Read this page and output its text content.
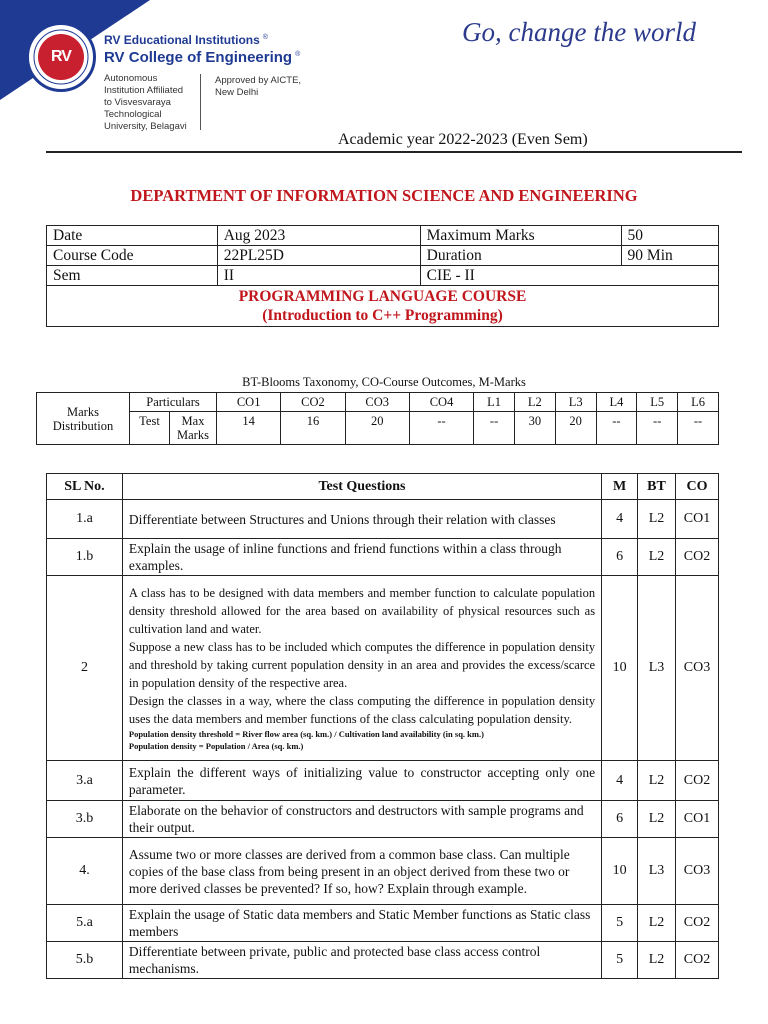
RV
RV Educational Institutions ®
RV College of Engineering ®
Autonomous
Institution Affiliated
to Visvesvaraya
Technological
University, Belagavi
Approved by AICTE,
New Delhi
Go, change the world
Academic year 2022-2023 (Even Sem)
DEPARTMENT OF INFORMATION SCIENCE AND ENGINEERING
Date	Aug 2023	Maximum Marks	50
Course Code	22PL25D	Duration	90 Min
Sem	II	CIE - II	

PROGRAMMING LANGUAGE COURSE
(Introduction to C++ Programming)			
BT-Blooms Taxonomy, CO-Course Outcomes, M-Marks
Marks Distribution	Particulars		CO1	CO2	CO3	CO4	L1	L2	L3	L4	L5	L6
	Test	Max Marks	14	16	20	--	--	30	20	--	--	--
SL No.	Test Questions	M	BT	CO
1.a	Differentiate between Structures and Unions through their relation with classes	4	L2	CO1
1.b	Explain the usage of inline functions and friend functions within a class through examples.	6	L2	CO2
2	A class has to be designed with data members and member function to calculate population density threshold allowed for the area based on availability of physical resources such as cultivation land and water.
Suppose a new class has to be included which computes the difference in population density and threshold by taking current population density in an area and provides the excess/scarce in population density of the respective area.
Design the classes in a way, where the class computing the difference in population density uses the data members and member functions of the class calculating population density.
Population density threshold = River flow area (sq. km.) / Cultivation land availability (in sq. km.)
Population density = Population / Area (sq. km.)	10	L3	CO3
3.a	Explain the different ways of initializing value to constructor accepting only one parameter.	4	L2	CO2
3.b	Elaborate on the behavior of constructors and destructors with sample programs and their output.	6	L2	CO1
4.	Assume two or more classes are derived from a common base class. Can multiple copies of the base class from being present in an object derived from these two or more derived classes be prevented? If so, how? Explain through example.	10	L3	CO3
5.a	Explain the usage of Static data members and Static Member functions as Static class members	5	L2	CO2
5.b	Differentiate between private, public and protected base class access control mechanisms.	5	L2	CO2
